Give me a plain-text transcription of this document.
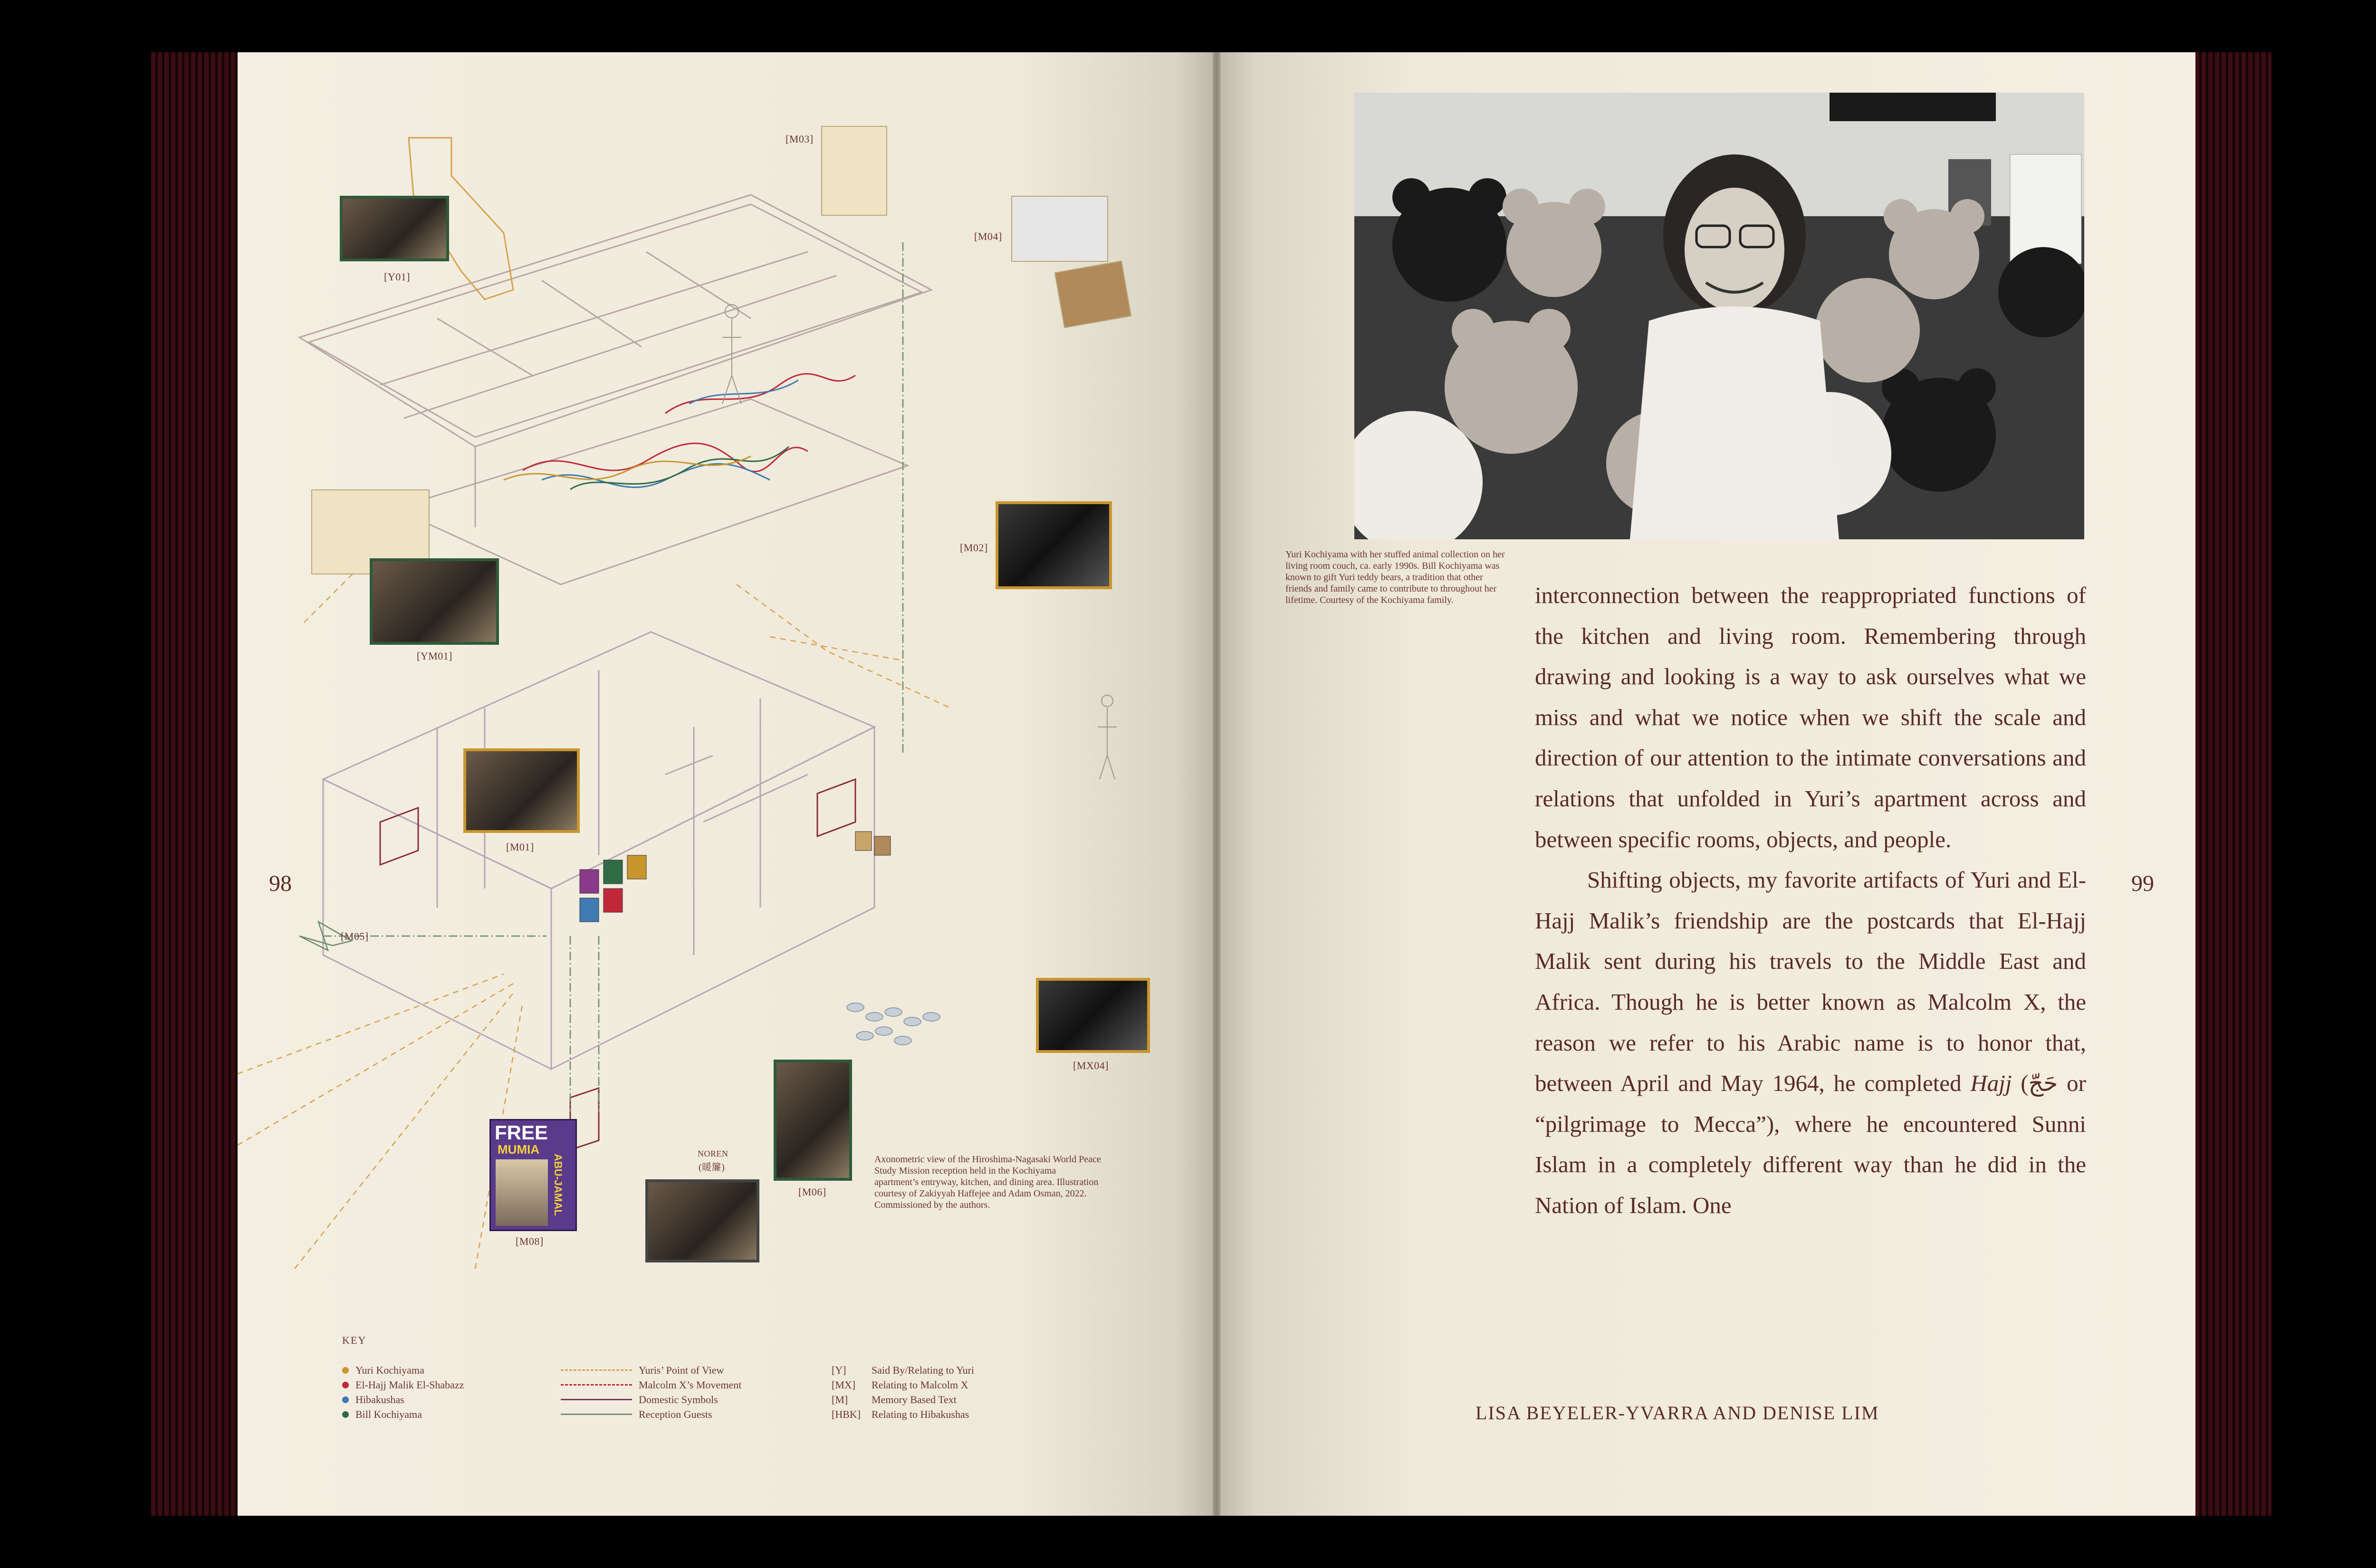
[Y01]
[M03]
[M04]
[YM01]
[M02]
[M01]
[M05]
[MX04]
[M06]
[M08]
NOREN
(暖簾)
FREE
MUMIA
ABU-JAMAL	Axonometric view of the Hiroshima-Nagasaki World Peace Study Mission reception held in the Kochiyama apartment’s entryway, kitchen, and dining area. Illustration courtesy of Zakiyyah Haffejee and Adam Osman, 2022. Commissioned by the authors.
98
KEY
Yuri Kochiyama
El-Hajj Malik El-Shabazz
Hibakushas
Bill Kochiyama
Yuris’ Point of View
Malcolm X’s Movement
Domestic Symbols
Reception Guests
[Y]	Said By/Relating to Yuri
[MX]	Relating to Malcolm X
[M]	Memory Based Text
[HBK]	Relating to Hibakushas
Yuri Kochiyama with her stuffed animal collection on her living room couch, ca. early 1990s. Bill Kochiyama was known to gift Yuri teddy bears, a tradition that other friends and family came to contribute to throughout her lifetime. Courtesy of the Kochiyama family.	interconnection between the reappropriated functions of the kitchen and living room. Remembering through drawing and looking is a way to ask ourselves what we miss and what we notice when we shift the scale and direction of our attention to the intimate conversations and relations that unfolded in Yuri’s apartment across and between specific rooms, objects, and people.

Shifting objects, my favorite artifacts of Yuri and El-Hajj Malik’s friendship are the postcards that El-Hajj Malik sent during his travels to the Middle East and Africa. Though he is better known as Malcolm X, the reason we refer to his Arabic name is to honor that, between April and May 1964, he completed Hajj (حَجّ or “pilgrimage to Mecca”), where he encountered Sunni Islam in a completely different way than he did in the Nation of Islam. One

99
LISA BEYELER-YVARRA AND DENISE LIM
